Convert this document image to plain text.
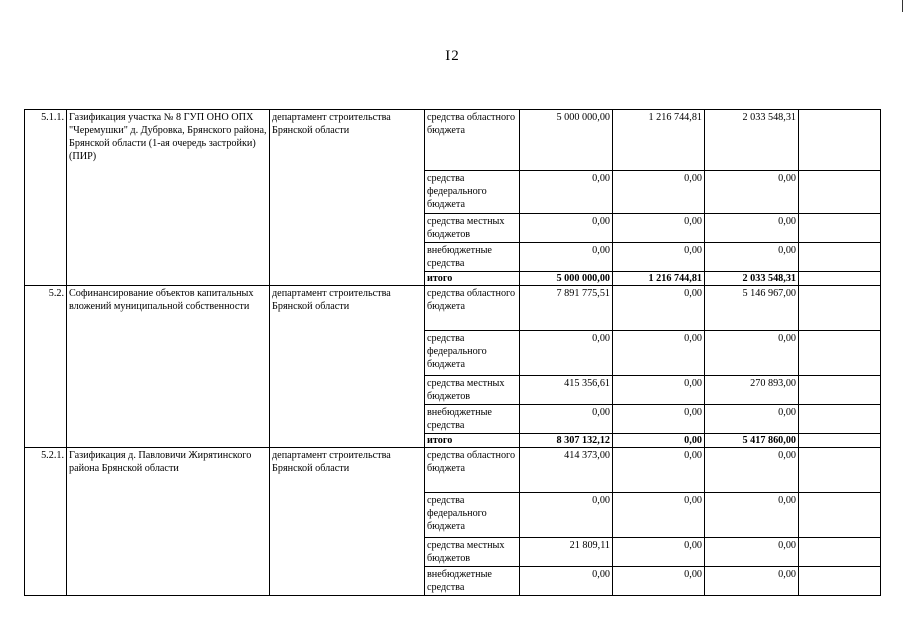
I2
5.1.1.	Газификация участка № 8 ГУП ОНО ОПХ "Черемушки" д. Дубровка, Брянского района, Брянской области (1-ая очередь застройки) (ПИР)	департамент строительства Брянской области	средства областного бюджета	5 000 000,00	1 216 744,81	2 033 548,31	
			средства федерального бюджета	0,00	0,00	0,00	
			средства местных бюджетов	0,00	0,00	0,00	
			внебюджетные средства	0,00	0,00	0,00	
			итого	5 000 000,00	1 216 744,81	2 033 548,31	
5.2.	Софинансирование объектов капитальных вложений муниципальной собственности	департамент строительства Брянской области	средства областного бюджета	7 891 775,51	0,00	5 146 967,00	
			средства федерального бюджета	0,00	0,00	0,00	
			средства местных бюджетов	415 356,61	0,00	270 893,00	
			внебюджетные средства	0,00	0,00	0,00	
			итого	8 307 132,12	0,00	5 417 860,00	
5.2.1.	Газификация д. Павловичи Жирятинского района Брянской области	департамент строительства Брянской области	средства областного бюджета	414 373,00	0,00	0,00	
			средства федерального бюджета	0,00	0,00	0,00	
			средства местных бюджетов	21 809,11	0,00	0,00	
			внебюджетные средства	0,00	0,00	0,00	
